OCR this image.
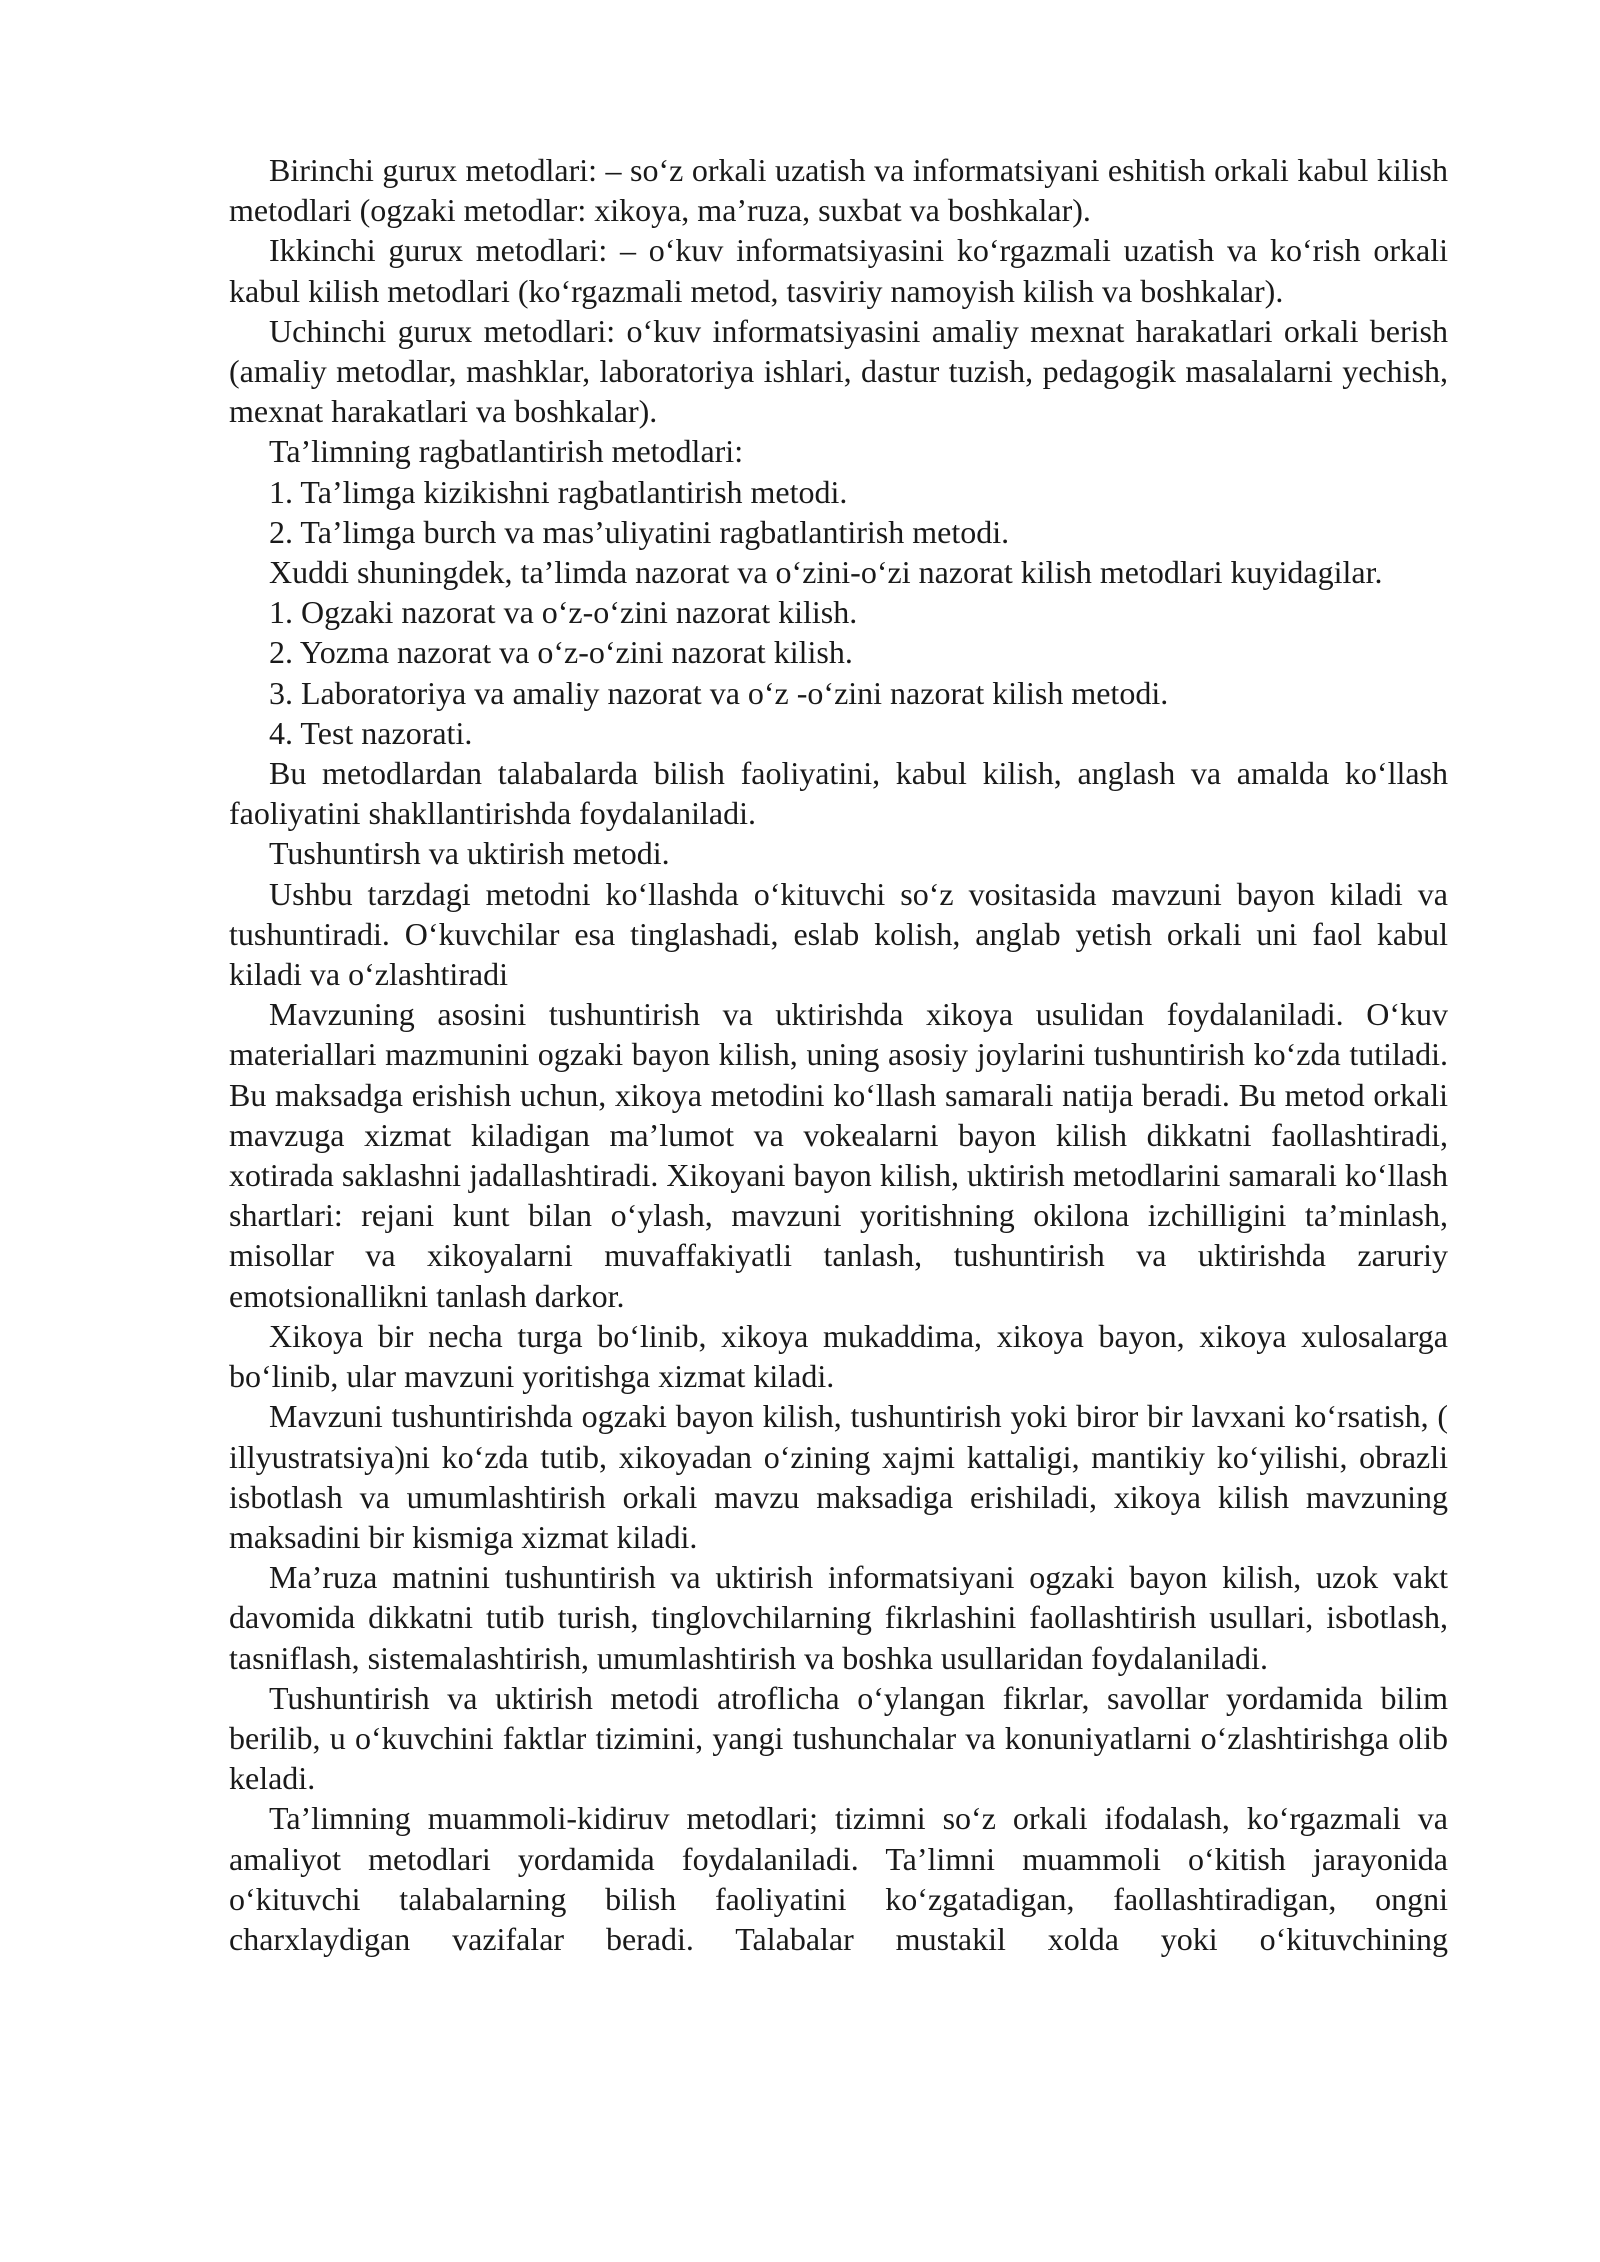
Birinchi gurux metodlari: – so‘z orkali uzatish va informatsiyani eshitish orkali kabul kilish metodlari (ogzaki metodlar: xikoya, ma’ruza, suxbat va boshkalar).

Ikkinchi gurux metodlari: – o‘kuv informatsiyasini ko‘rgazmali uzatish va ko‘rish orkali kabul kilish metodlari (ko‘rgazmali metod, tasviriy namoyish kilish va boshkalar).

Uchinchi gurux metodlari: o‘kuv informatsiyasini amaliy mexnat harakatlari orkali berish (amaliy metodlar, mashklar, laboratoriya ishlari, dastur tuzish, pedagogik masalalarni yechish, mexnat harakatlari va boshkalar).

Ta’limning ragbatlantirish metodlari:

1. Ta’limga kizikishni ragbatlantirish metodi.

2. Ta’limga burch va mas’uliyatini ragbatlantirish metodi.

Xuddi shuningdek, ta’limda nazorat va o‘zini-o‘zi nazorat kilish metodlari kuyidagilar.

1. Ogzaki nazorat va o‘z-o‘zini nazorat kilish.

2. Yozma nazorat va o‘z-o‘zini nazorat kilish.

3. Laboratoriya va amaliy nazorat va o‘z -o‘zini nazorat kilish metodi.

4. Test nazorati.

Bu metodlardan talabalarda bilish faoliyatini, kabul kilish, anglash va amalda ko‘llash faoliyatini shakllantirishda foydalaniladi.

Tushuntirsh va uktirish metodi.

Ushbu tarzdagi metodni ko‘llashda o‘kituvchi so‘z vositasida mavzuni bayon kiladi va tushuntiradi. O‘kuvchilar esa tinglashadi, eslab kolish, anglab yetish orkali uni faol kabul kiladi va o‘zlashtiradi

Mavzuning asosini tushuntirish va uktirishda xikoya usulidan foydalaniladi. O‘kuv materiallari mazmunini ogzaki bayon kilish, uning asosiy joylarini tushuntirish ko‘zda tutiladi. Bu maksadga erishish uchun, xikoya metodini ko‘llash samarali natija beradi. Bu metod orkali mavzuga xizmat kiladigan ma’lumot va vokealarni bayon kilish dikkatni faollashtiradi, xotirada saklashni jadallashtiradi. Xikoyani bayon kilish, uktirish metodlarini samarali ko‘llash shartlari: rejani kunt bilan o‘ylash, mavzuni yoritishning okilona izchilligini ta’minlash, misollar va xikoyalarni muvaffakiyatli tanlash, tushuntirish va uktirishda zaruriy emotsionallikni tanlash darkor.

Xikoya bir necha turga bo‘linib, xikoya mukaddima, xikoya bayon, xikoya xulosalarga bo‘linib, ular mavzuni yoritishga xizmat kiladi.

Mavzuni tushuntirishda ogzaki bayon kilish, tushuntirish yoki biror bir lavxani ko‘rsatish, ( illyustratsiya)ni ko‘zda tutib, xikoyadan o‘zining xajmi kattaligi, mantikiy ko‘yilishi, obrazli isbotlash va umumlashtirish orkali mavzu maksadiga erishiladi, xikoya kilish mavzuning maksadini bir kismiga xizmat kiladi.

Ma’ruza matnini tushuntirish va uktirish informatsiyani ogzaki bayon kilish, uzok vakt davomida dikkatni tutib turish, tinglovchilarning fikrlashini faollashtirish usullari, isbotlash, tasniflash, sistemalashtirish, umumlashtirish va boshka usullaridan foydalaniladi.

Tushuntirish va uktirish metodi atroflicha o‘ylangan fikrlar, savollar yordamida bilim berilib, u o‘kuvchini faktlar tizimini, yangi tushunchalar va konuniyatlarni o‘zlashtirishga olib keladi.

Ta’limning muammoli-kidiruv metodlari; tizimni so‘z orkali ifodalash, ko‘rgazmali va amaliyot metodlari yordamida foydalaniladi. Ta’limni muammoli o‘kitish jarayonida o‘kituvchi talabalarning bilish faoliyatini ko‘zgatadigan, faollashtiradigan, ongni charxlaydigan vazifalar beradi. Talabalar mustakil xolda yoki o‘kituvchining
